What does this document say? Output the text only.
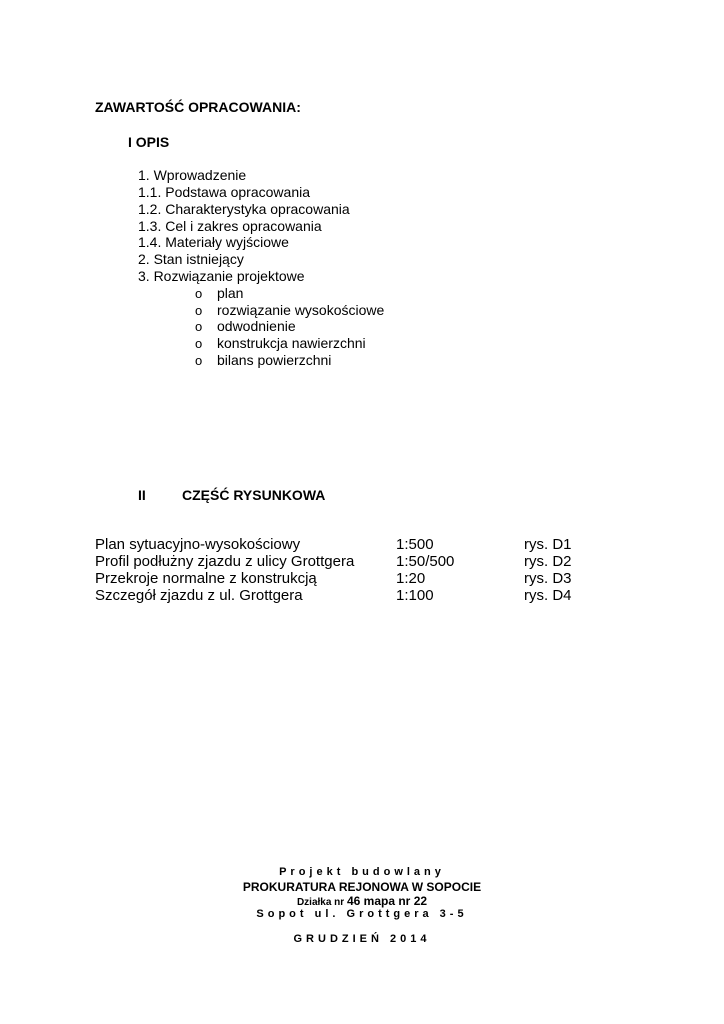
ZAWARTOŚĆ OPRACOWANIA:
I OPIS
1. Wprowadzenie
1.1. Podstawa opracowania
1.2. Charakterystyka opracowania
1.3. Cel i zakres opracowania
1.4. Materiały wyjściowe
2. Stan istniejący
3. Rozwiązanie projektowe
o plan
o rozwiązanie wysokościowe
o odwodnienie
o konstrukcja nawierzchni
o bilans powierzchni
II	CZĘŚĆ RYSUNKOWA
Plan sytuacyjno-wysokościowy	1:500	rys. D1
Profil podłużny zjazdu z ulicy Grottgera	1:50/500	rys. D2
Przekroje normalne z konstrukcją	1:20	rys. D3
Szczegół zjazdu z ul. Grottgera	1:100	rys. D4
Projekt budowlany
PROKURATURA REJONOWA W SOPOCIE
Działka nr 46 mapa nr 22
Sopot ul. Grottgera 3-5
GRUDZIEŃ 2014
